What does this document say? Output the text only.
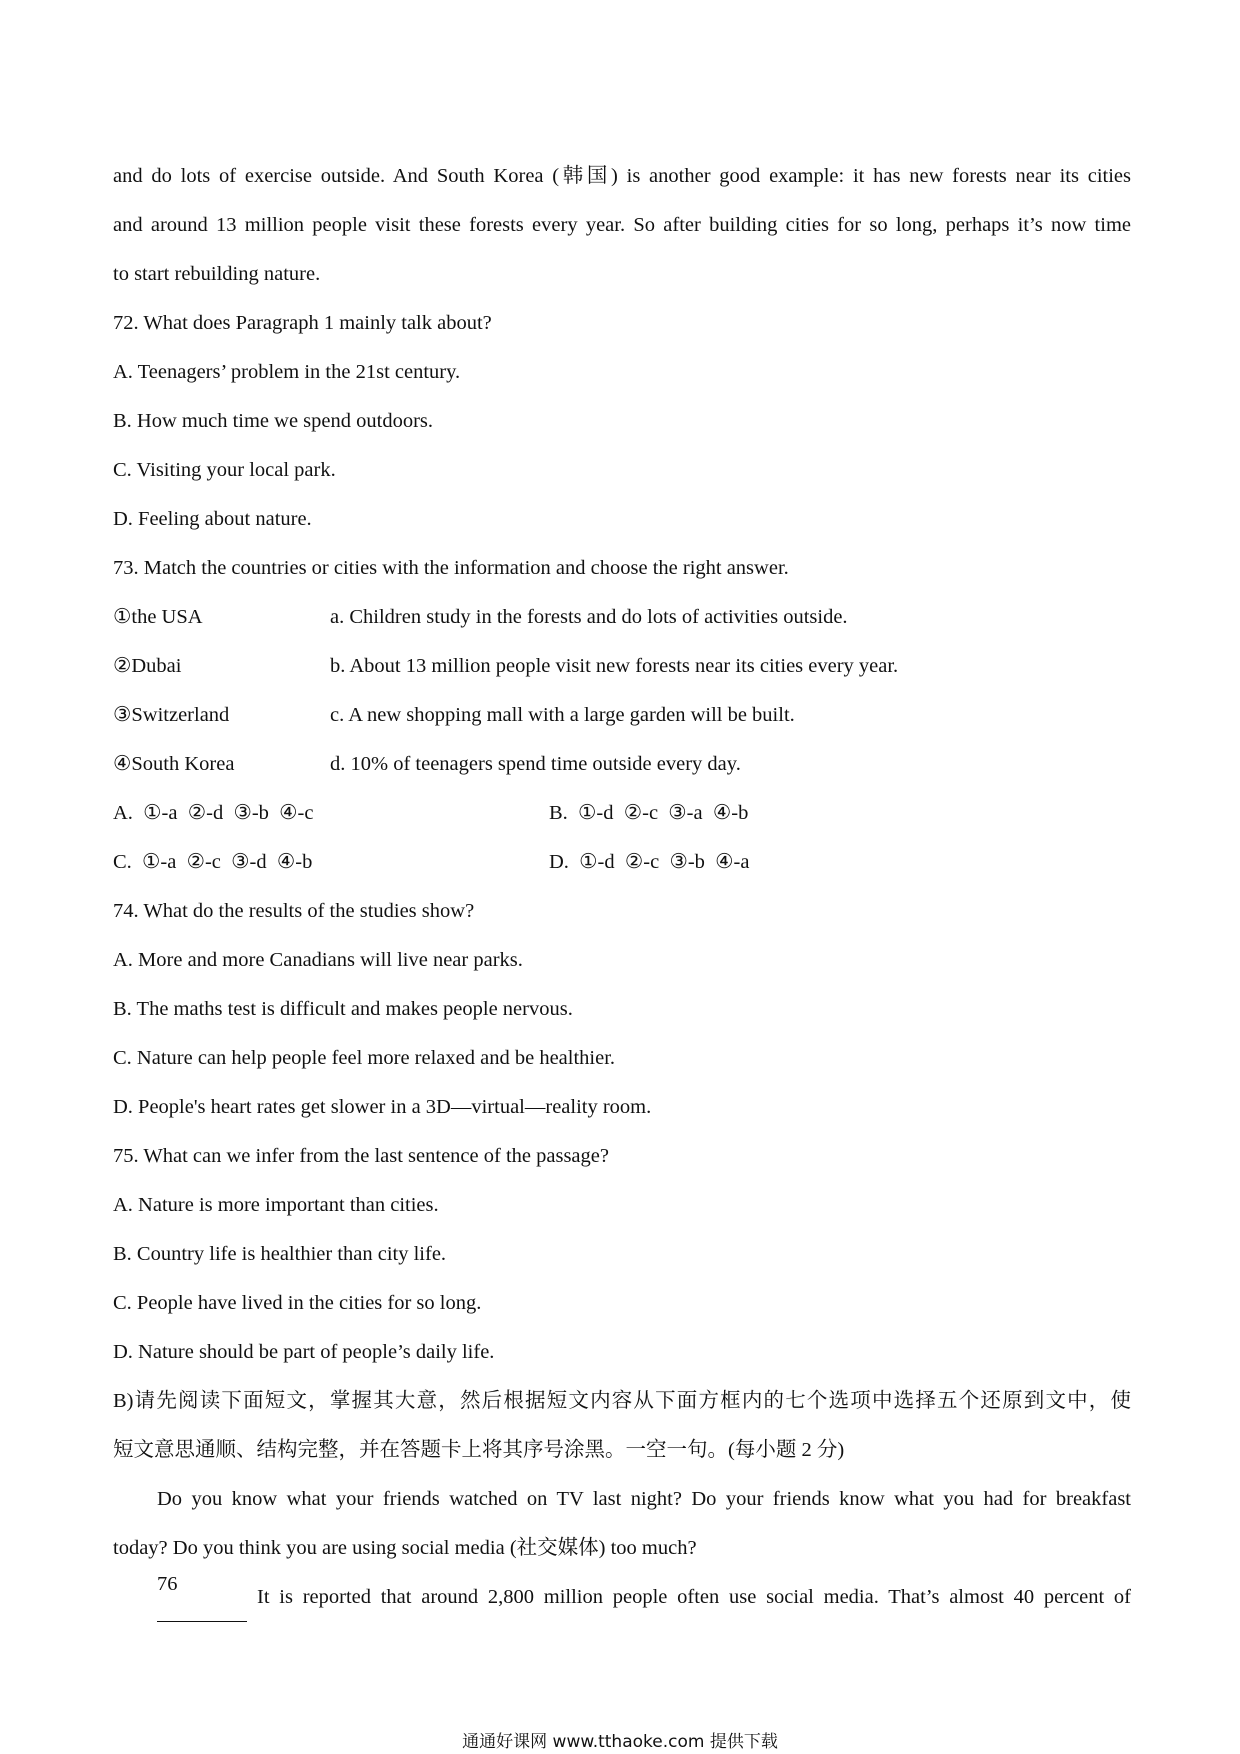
and do lots of exercise outside. And South Korea (韩国) is another good example: it has new forests near its cities

and around 13 million people visit these forests every year. So after building cities for so long, perhaps it’s now time

to start rebuilding nature.

72. What does Paragraph 1 mainly talk about?

A. Teenagers’ problem in the 21st century.

B. How much time we spend outdoors.

C. Visiting your local park.

D. Feeling about nature.

73. Match the countries or cities with the information and choose the right answer.

①the USA	a. Children study in the forests and do lots of activities outside.
②Dubai	b. About 13 million people visit new forests near its cities every year.
③Switzerland	c. A new shopping mall with a large garden will be built.
④South Korea	d. 10% of teenagers spend time outside every day.
A.  ①-a  ②-d  ③-b  ④-c	B.  ①-d  ②-c  ③-a  ④-b
C.  ①-a  ②-c  ③-d  ④-b	D.  ①-d  ②-c  ③-b  ④-a

74. What do the results of the studies show?

A. More and more Canadians will live near parks.

B. The maths test is difficult and makes people nervous.

C. Nature can help people feel more relaxed and be healthier.

D. People's heart rates get slower in a 3D—virtual—reality room.

75. What can we infer from the last sentence of the passage?

A. Nature is more important than cities.

B. Country life is healthier than city life.

C. People have lived in the cities for so long.

D. Nature should be part of people’s daily life.

B)请先阅读下面短文，掌握其大意，然后根据短文内容从下面方框内的七个选项中选择五个还原到文中，使

短文意思通顺、结构完整，并在答题卡上将其序号涂黑。一空一句。(每小题 2 分)

Do you know what your friends watched on TV last night? Do your friends know what you had for breakfast

today? Do you think you are using social media (社交媒体) too much?

76
It is reported that around 2,800 million people often use social media. That’s almost 40 percent of
通通好课网 www.tthaoke.com 提供下载
